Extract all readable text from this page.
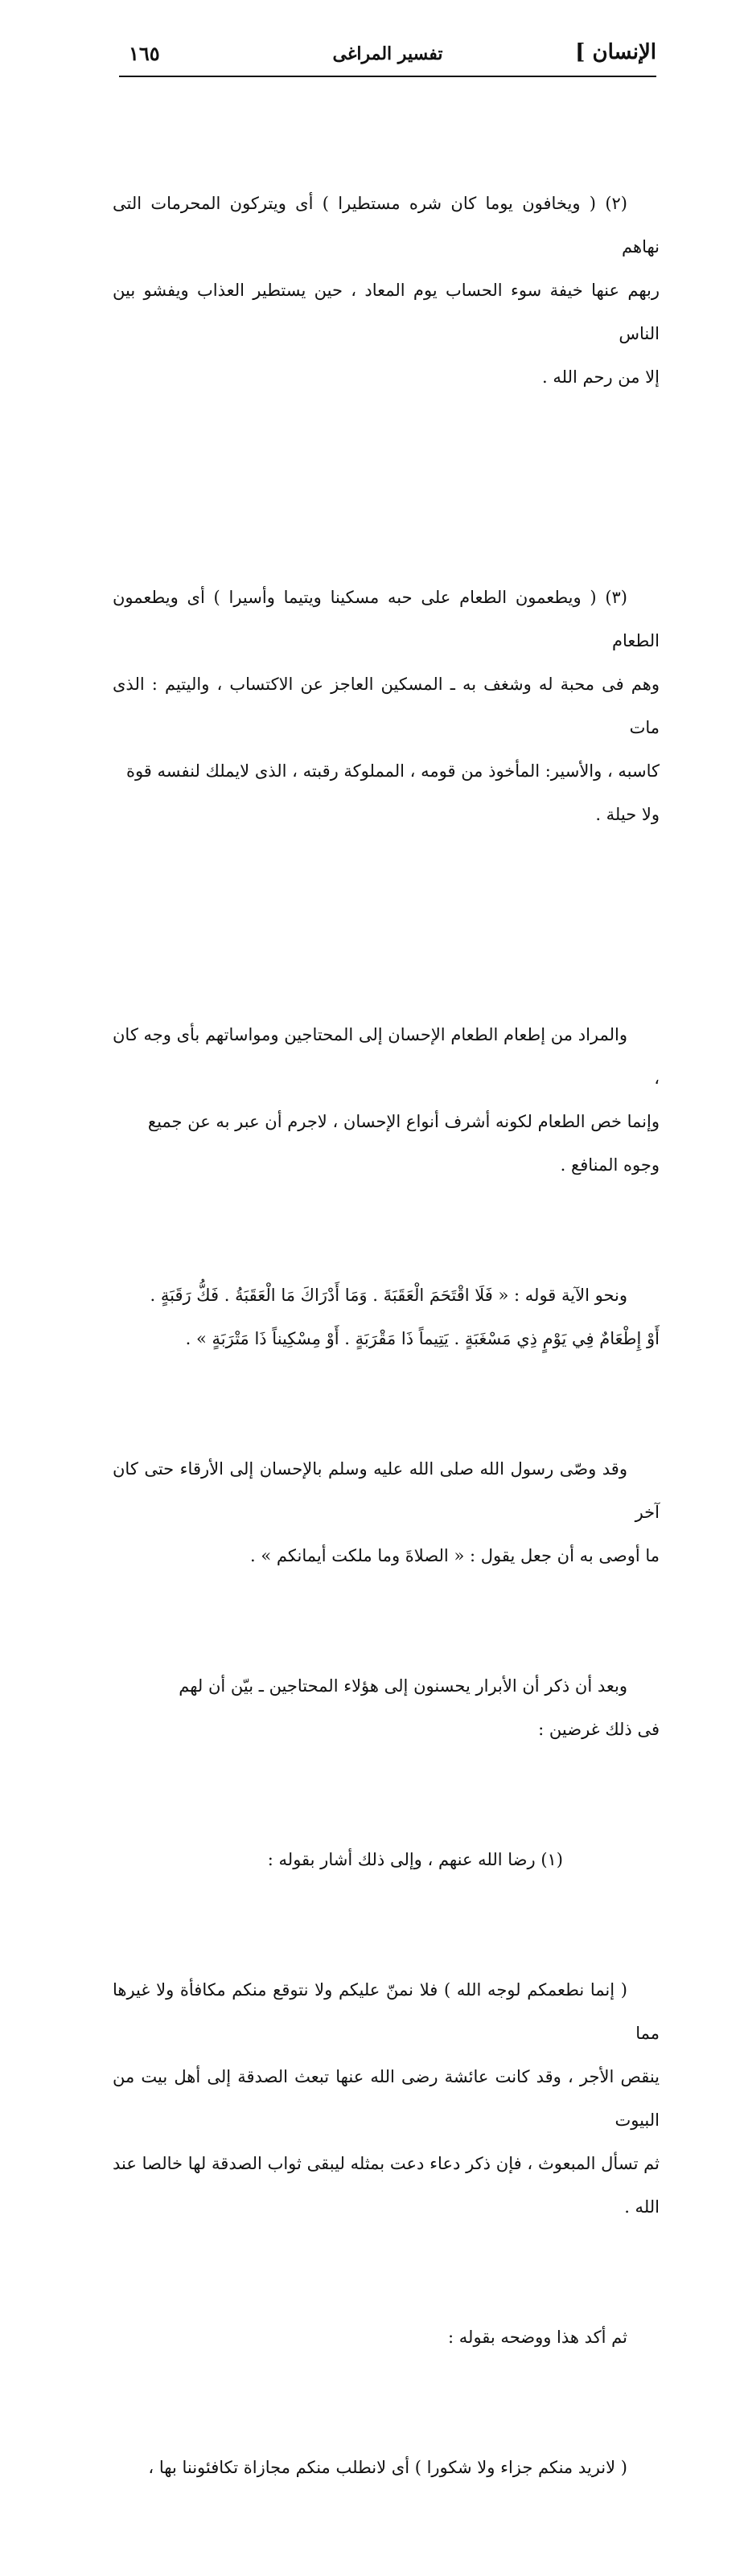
الإنسان ]
تفسير المراغى
١٦٥

(٢) ( ويخافون يوما كان شره مستطيرا ) أى ويتركون المحرمات التى نهاهم
ربهم عنها خيفة سوء الحساب يوم المعاد ، حين يستطير العذاب ويفشو بين الناس
إلا من رحم الله .

(٣) ( ويطعمون الطعام على حبه مسكينا ويتيما وأسيرا ) أى ويطعمون الطعام
وهم فى محبة له وشغف به ـ المسكين العاجز عن الاكتساب ، واليتيم : الذى مات
كاسبه ، والأسير: المأخوذ من قومه ، المملوكة رقبته ، الذى لايملك لنفسه قوة
ولا حيلة .

والمراد من إطعام الطعام الإحسان إلى المحتاجين ومواساتهم بأى وجه كان ،
وإنما خص الطعام لكونه أشرف أنواع الإحسان ، لاجرم أن عبر به عن جميع
وجوه المنافع .

ونحو الآية قوله : « فَلَا اقْتَحَمَ الْعَقَبَةَ . وَمَا أَدْرَاكَ مَا الْعَقَبَةُ . فَكُّ رَقَبَةٍ .
أَوْ إِطْعَامٌ فِي يَوْمٍ ذِي مَسْغَبَةٍ . يَتِيماً ذَا مَقْرَبَةٍ . أَوْ مِسْكِيناً ذَا مَتْرَبَةٍ » .

وقد وصّى رسول الله صلى الله عليه وسلم بالإحسان إلى الأرقاء حتى كان آخر
ما أوصى به أن جعل يقول : « الصلاةَ وما ملكت أيمانكم » .

وبعد أن ذكر أن الأبرار يحسنون إلى هؤلاء المحتاجين ـ بيّن أن لهم
فى ذلك غرضين :

(١) رضا الله عنهم ، وإلى ذلك أشار بقوله :

( إنما نطعمكم لوجه الله ) فلا نمنّ عليكم ولا نتوقع منكم مكافأة ولا غيرها مما
ينقص الأجر ، وقد كانت عائشة رضى الله عنها تبعث الصدقة إلى أهل بيت من البيوت
ثم تسأل المبعوث ، فإن ذكر دعاء دعت بمثله ليبقى ثواب الصدقة لها خالصا عند الله .

ثم أكد هذا ووضحه بقوله :

( لانريد منكم جزاء ولا شكورا ) أى لانطلب منكم مجازاة تكافئوننا بها ،
